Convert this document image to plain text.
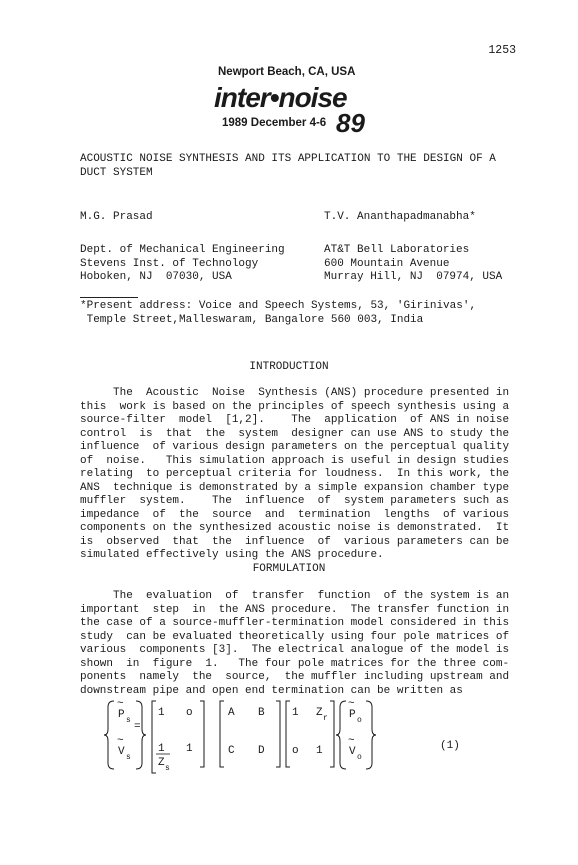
1253
Newport Beach, CA, USA
inter•noise
1989 December 4-6 89
ACOUSTIC NOISE SYNTHESIS AND ITS APPLICATION TO THE DESIGN OF A
DUCT SYSTEM
M.G. Prasad
Dept. of Mechanical Engineering
Stevens Inst. of Technology
Hoboken, NJ  07030, USA
T.V. Ananthapadmanabha*
AT&T Bell Laboratories
600 Mountain Avenue
Murray Hill, NJ  07974, USA
*Present address: Voice and Speech Systems, 53, 'Girinivas',
Temple Street,Malleswaram, Bangalore 560 003, India
INTRODUCTION
The  Acoustic  Noise  Synthesis (ANS) procedure presented in
this  work is based on the principles of speech synthesis using a
source-filter  model  [1,2].    The  application  of ANS in noise
control  is  that  the  system  designer can use ANS to study the
influence  of various design parameters on the perceptual quality
of  noise.   This simulation approach is useful in design studies
relating  to perceptual criteria for loudness.  In this work, the
ANS  technique is demonstrated by a simple expansion chamber type
muffler  system.    The  influence  of  system parameters such as
impedance  of  the  source  and  termination  lengths  of various
components on the synthesized acoustic noise is demonstrated.  It
is  observed  that  the  influence  of  various parameters can be
simulated effectively using the ANS procedure.
FORMULATION
The  evaluation  of  transfer  function  of the system is an
important  step  in  the ANS procedure.  The transfer function in
the case of a source-muffler-termination model considered in this
study  can be evaluated theoretically using four pole matrices of
various  components [3].  The electrical analogue of the model is
shown  in  figure  1.   The four pole matrices for the three com-
ponents  namely  the  source,  the muffler including upstream and
downstream pipe and open end termination can be written as
~
P s
~
V s
=
1 o
1
Z s
1
A B
C D
1 Z r
o 1
~
P o
~
V o
(1)
